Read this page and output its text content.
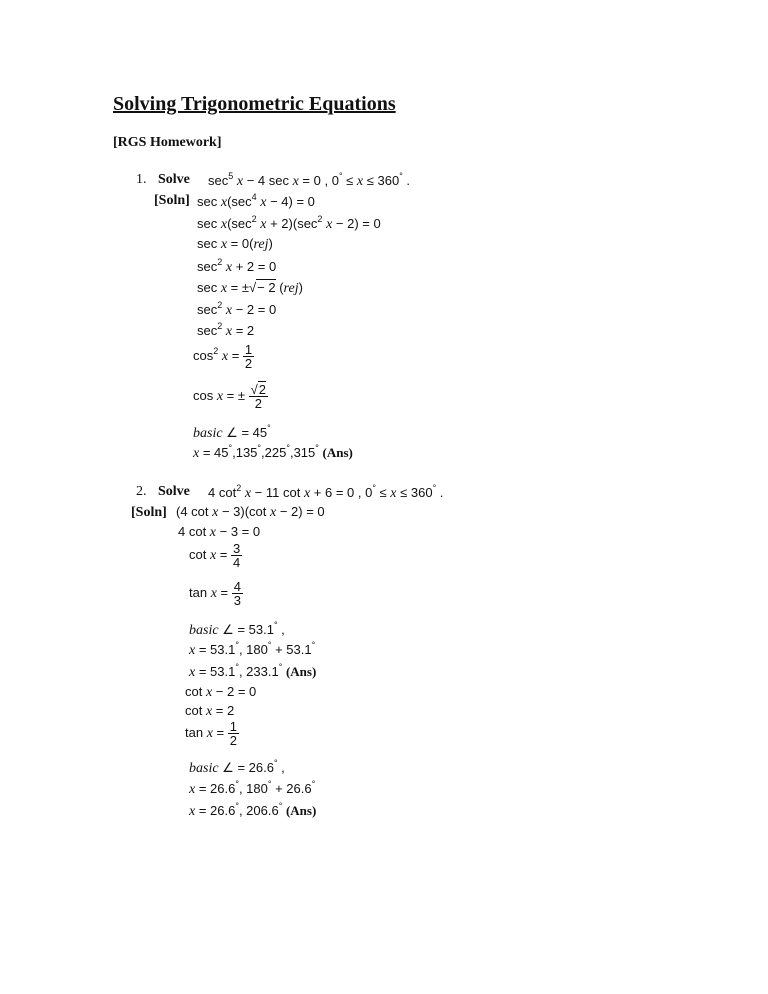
Solving Trigonometric Equations
[RGS Homework]
1. Solve $\sec^5 x - 4$ sec x = 0 , 0° ≤ x ≤ 360° .
[Soln] $\sec x(\sec^4$ x − 4) = 0
$\sec x(\sec^2$ $x + 2)(\sec^2$ x − 2) = 0
sec x = 0(rej)
$\sec^2 x + 2 = 0$
sec x = ±√− 2 (rej)
$\sec^2 x - 2 = 0$
$\sec^2 x = 2$
$\cos^2 x = \frac{1}{2}$
cos x = ± $\frac{√2}{2}$
basic ∠ = 45°
x = 45°,135°,225°,315° (Ans)
2. Solve 4 $\cot^2 x - 11$ cot x + 6 = 0 , 0° ≤ x ≤ 360° .
[Soln] (4 cot x − 3)(cot x − 2) = 0
4 cot x − 3 = 0
$\cot x = \frac{3}{4}$
$\tan x = \frac{4}{3}$
basic ∠ = 53.1° ,
x = 53.1°, 180° + 53.1°
x = 53.1°, 233.1° (Ans)
cot x − 2 = 0
cot x = 2
$\tan x = \frac{1}{2}$
basic ∠ = 26.6° ,
x = 26.6°, 180° + 26.6°
x = 26.6°, 206.6° (Ans)
